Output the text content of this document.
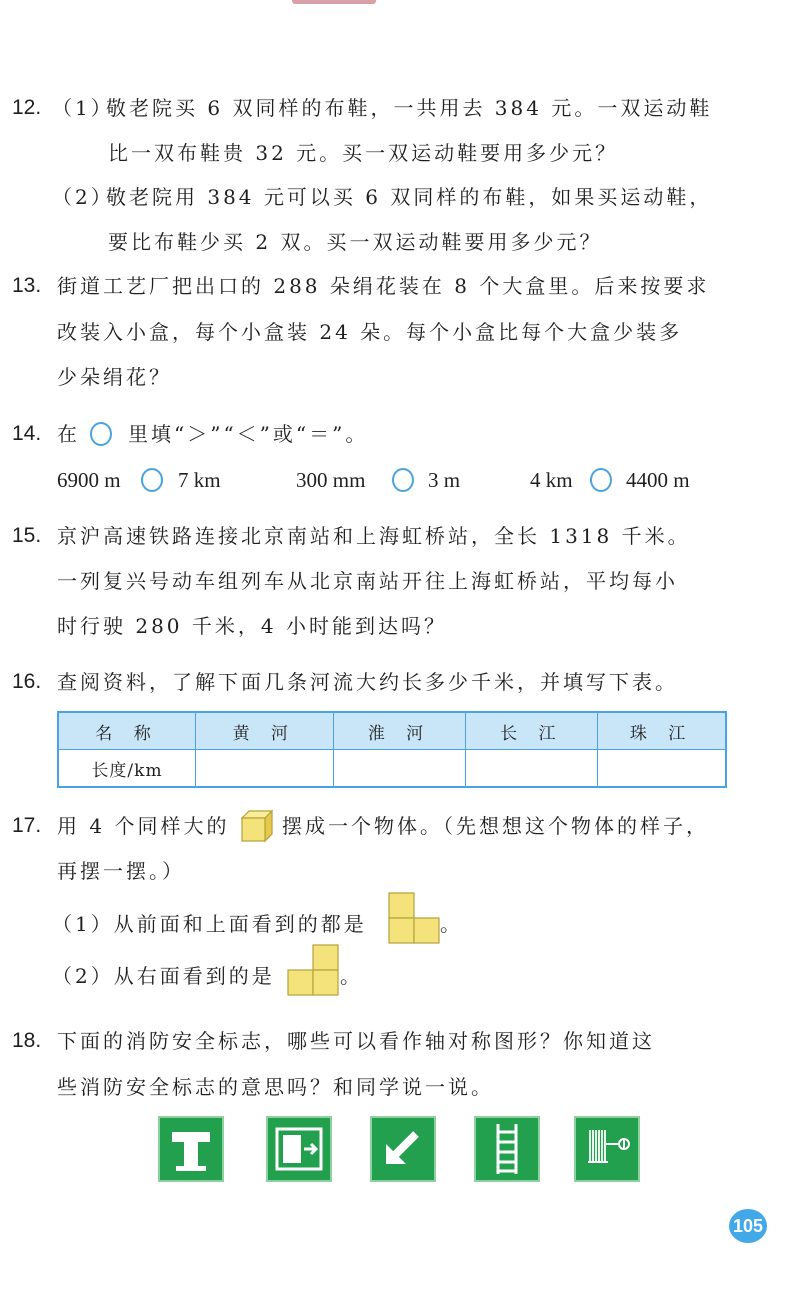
12. （1）
敬老院买 6 双同样的布鞋，一共用去 384 元。一双运动鞋
比一双布鞋贵 32 元。买一双运动鞋要用多少元？
（2）
敬老院用 384 元可以买 6 双同样的布鞋，如果买运动鞋，
要比布鞋少买 2 双。买一双运动鞋要用多少元？
13. 街道工艺厂把出口的 288 朵绢花装在 8 个大盒里。后来按要求
改装入小盒，每个小盒装 24 朵。每个小盒比每个大盒少装多
少朵绢花？
14. 在 里填“＞”“＜”或“＝”。
6900 m	7 km	300 mm	3 m	4 km	4400 m
15. 京沪高速铁路连接北京南站和上海虹桥站，全长 1318 千米。
一列复兴号动车组列车从北京南站开往上海虹桥站，平均每小
时行驶 280 千米，4 小时能到达吗？
16. 查阅资料，了解下面几条河流大约长多少千米，并填写下表。
名 称	黄 河	淮 河	长 江	珠 江
长度/km				
17. 用 4 个同样大的	摆成一个物体。（先想想这个物体的样子，
再摆一摆。）
（1）从前面和上面看到的都是	。
（2）从右面看到的是	。
18. 下面的消防安全标志，哪些可以看作轴对称图形？你知道这
些消防安全标志的意思吗？和同学说一说。
105
